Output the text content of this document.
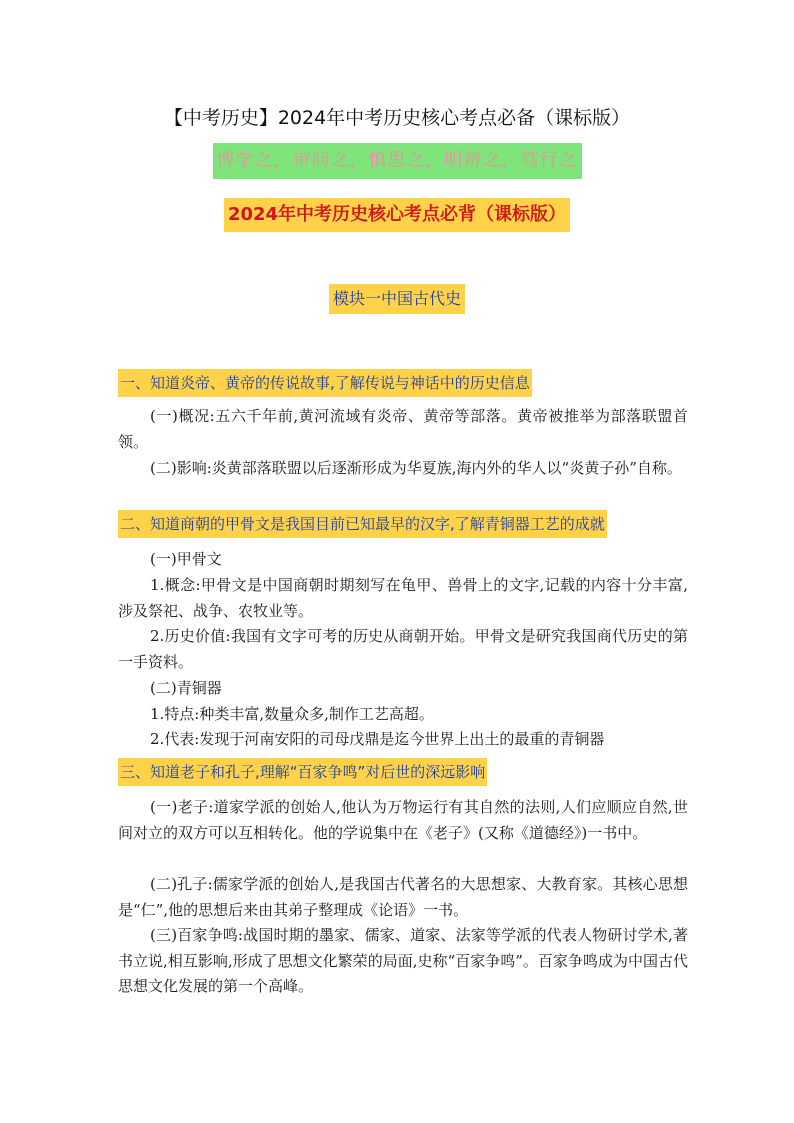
【中考历史】2024年中考历史核心考点必备（课标版）
博学之，审问之，慎思之，明辨之，笃行之
2024年中考历史核心考点必背（课标版）
模块一中国古代史
一、知道炎帝、黄帝的传说故事,了解传说与神话中的历史信息
(一)概况:五六千年前,黄河流域有炎帝、黄帝等部落。黄帝被推举为部落联盟首领。
(二)影响:炎黄部落联盟以后逐渐形成为华夏族,海内外的华人以“炎黄子孙”自称。
二、知道商朝的甲骨文是我国目前已知最早的汉字,了解青铜器工艺的成就
(一)甲骨文
1.概念:甲骨文是中国商朝时期刻写在龟甲、兽骨上的文字,记载的内容十分丰富,涉及祭祀、战争、农牧业等。
2.历史价值:我国有文字可考的历史从商朝开始。甲骨文是研究我国商代历史的第一手资料。
(二)青铜器
1.特点:种类丰富,数量众多,制作工艺高超。
2.代表:发现于河南安阳的司母戊鼎是迄今世界上出土的最重的青铜器
三、知道老子和孔子,理解“百家争鸣”对后世的深远影响
(一)老子:道家学派的创始人,他认为万物运行有其自然的法则,人们应顺应自然,世间对立的双方可以互相转化。他的学说集中在《老子》(又称《道德经》)一书中。
(二)孔子:儒家学派的创始人,是我国古代著名的大思想家、大教育家。其核心思想是“仁”,他的思想后来由其弟子整理成《论语》一书。
(三)百家争鸣:战国时期的墨家、儒家、道家、法家等学派的代表人物研讨学术,著书立说,相互影响,形成了思想文化繁荣的局面,史称“百家争鸣”。百家争鸣成为中国古代思想文化发展的第一个高峰。
